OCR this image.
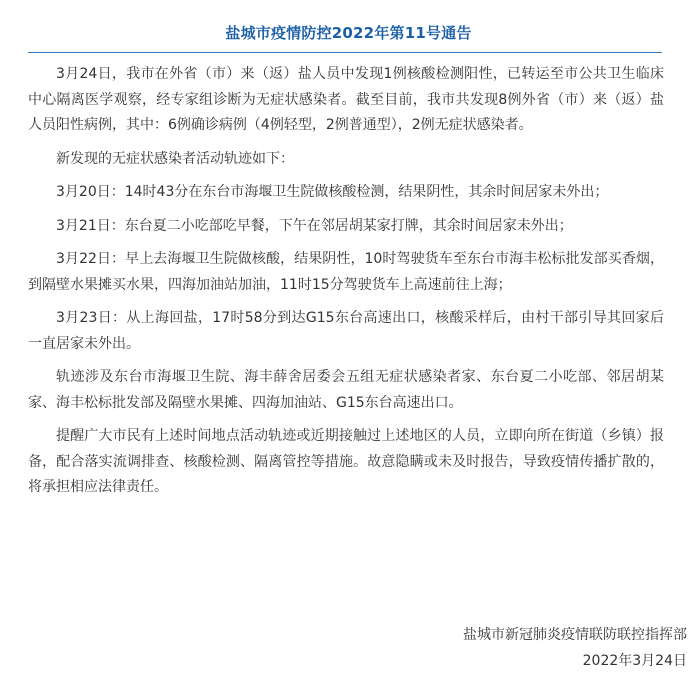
盐城市疫情防控2022年第11号通告

3月24日，我市在外省（市）来（返）盐人员中发现1例核酸检测阳性，已转运至市公共卫生临床中心隔离医学观察，经专家组诊断为无症状感染者。截至目前，我市共发现8例外省（市）来（返）盐人员阳性病例，其中：6例确诊病例（4例轻型，2例普通型），2例无症状感染者。

新发现的无症状感染者活动轨迹如下：

3月20日：14时43分在东台市海堰卫生院做核酸检测，结果阴性，其余时间居家未外出；

3月21日：东台夏二小吃部吃早餐，下午在邻居胡某家打牌，其余时间居家未外出；

3月22日：早上去海堰卫生院做核酸，结果阴性，10时驾驶货车至东台市海丰松标批发部买香烟，到隔壁水果摊买水果，四海加油站加油，11时15分驾驶货车上高速前往上海；

3月23日：从上海回盐，17时58分到达G15东台高速出口，核酸采样后，由村干部引导其回家后一直居家未外出。

轨迹涉及东台市海堰卫生院、海丰薛舍居委会五组无症状感染者家、东台夏二小吃部、邻居胡某家、海丰松标批发部及隔壁水果摊、四海加油站、G15东台高速出口。

提醒广大市民有上述时间地点活动轨迹或近期接触过上述地区的人员，立即向所在街道（乡镇）报备，配合落实流调排查、核酸检测、隔离管控等措施。故意隐瞒或未及时报告，导致疫情传播扩散的，将承担相应法律责任。

盐城市新冠肺炎疫情联防联控指挥部
2022年3月24日
